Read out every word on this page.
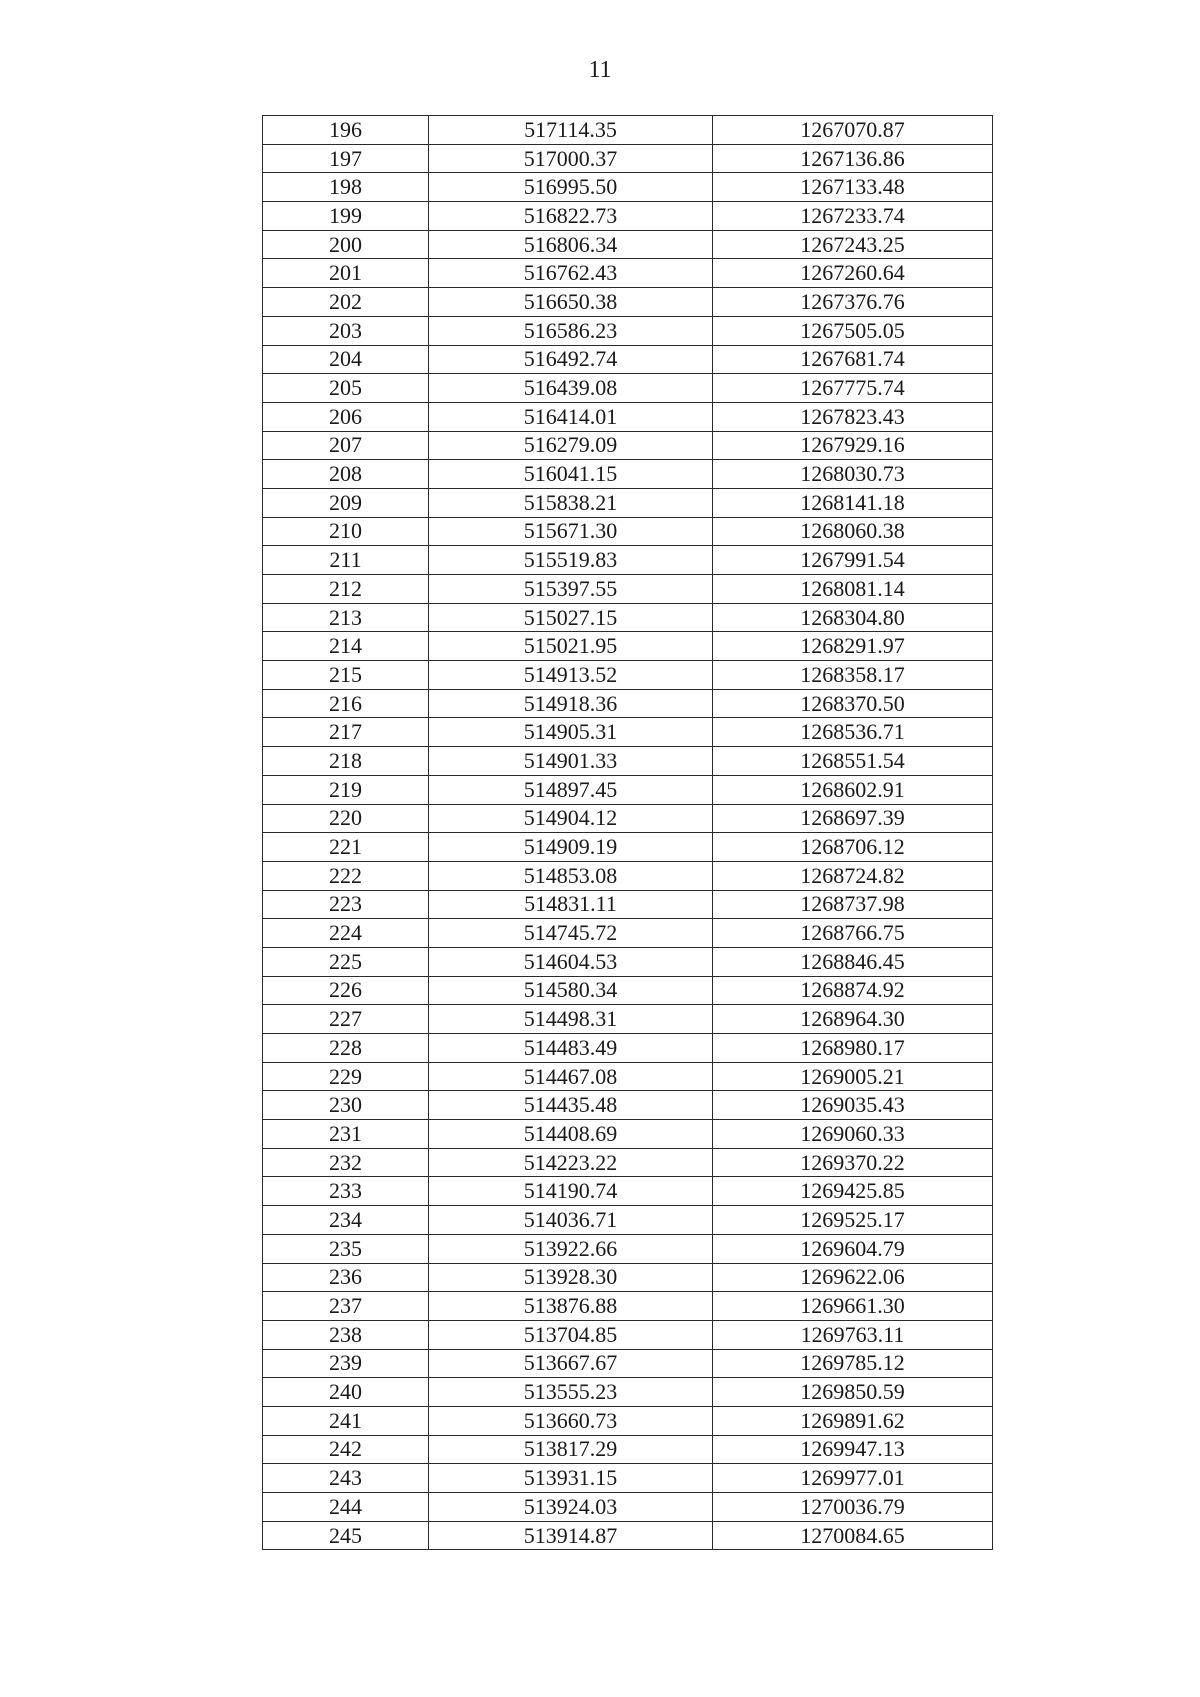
11
196	517114.35	1267070.87
197	517000.37	1267136.86
198	516995.50	1267133.48
199	516822.73	1267233.74
200	516806.34	1267243.25
201	516762.43	1267260.64
202	516650.38	1267376.76
203	516586.23	1267505.05
204	516492.74	1267681.74
205	516439.08	1267775.74
206	516414.01	1267823.43
207	516279.09	1267929.16
208	516041.15	1268030.73
209	515838.21	1268141.18
210	515671.30	1268060.38
211	515519.83	1267991.54
212	515397.55	1268081.14
213	515027.15	1268304.80
214	515021.95	1268291.97
215	514913.52	1268358.17
216	514918.36	1268370.50
217	514905.31	1268536.71
218	514901.33	1268551.54
219	514897.45	1268602.91
220	514904.12	1268697.39
221	514909.19	1268706.12
222	514853.08	1268724.82
223	514831.11	1268737.98
224	514745.72	1268766.75
225	514604.53	1268846.45
226	514580.34	1268874.92
227	514498.31	1268964.30
228	514483.49	1268980.17
229	514467.08	1269005.21
230	514435.48	1269035.43
231	514408.69	1269060.33
232	514223.22	1269370.22
233	514190.74	1269425.85
234	514036.71	1269525.17
235	513922.66	1269604.79
236	513928.30	1269622.06
237	513876.88	1269661.30
238	513704.85	1269763.11
239	513667.67	1269785.12
240	513555.23	1269850.59
241	513660.73	1269891.62
242	513817.29	1269947.13
243	513931.15	1269977.01
244	513924.03	1270036.79
245	513914.87	1270084.65
